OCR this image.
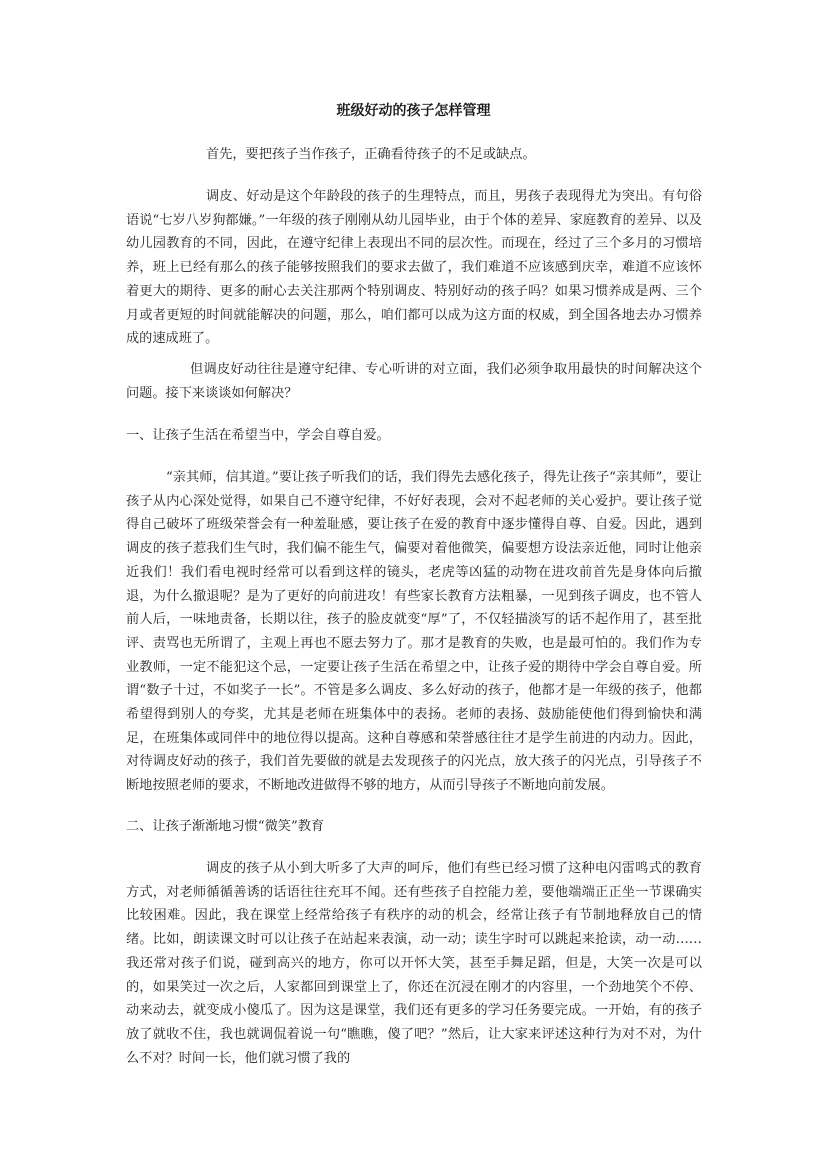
班级好动的孩子怎样管理

首先，要把孩子当作孩子，正确看待孩子的不足或缺点。

调皮、好动是这个年龄段的孩子的生理特点，而且，男孩子表现得尤为突出。有句俗语说“七岁八岁狗都嫌。”一年级的孩子刚刚从幼儿园毕业，由于个体的差异、家庭教育的差异、以及幼儿园教育的不同，因此，在遵守纪律上表现出不同的层次性。而现在，经过了三个多月的习惯培养，班上已经有那么的孩子能够按照我们的要求去做了，我们难道不应该感到庆幸，难道不应该怀着更大的期待、更多的耐心去关注那两个特别调皮、特别好动的孩子吗？如果习惯养成是两、三个月或者更短的时间就能解决的问题，那么，咱们都可以成为这方面的权威，到全国各地去办习惯养成的速成班了。

但调皮好动往往是遵守纪律、专心听讲的对立面，我们必须争取用最快的时间解决这个问题。接下来谈谈如何解决？

一、让孩子生活在希望当中，学会自尊自爱。

“亲其师，信其道。”要让孩子听我们的话，我们得先去感化孩子，得先让孩子“亲其师”，要让孩子从内心深处觉得，如果自己不遵守纪律，不好好表现，会对不起老师的关心爱护。要让孩子觉得自己破坏了班级荣誉会有一种羞耻感，要让孩子在爱的教育中逐步懂得自尊、自爱。因此，遇到调皮的孩子惹我们生气时，我们偏不能生气，偏要对着他微笑，偏要想方设法亲近他，同时让他亲近我们！我们看电视时经常可以看到这样的镜头，老虎等凶猛的动物在进攻前首先是身体向后撤退，为什么撤退呢？是为了更好的向前进攻！有些家长教育方法粗暴，一见到孩子调皮，也不管人前人后，一味地责备，长期以往，孩子的脸皮就变“厚”了，不仅轻描淡写的话不起作用了，甚至批评、责骂也无所谓了，主观上再也不愿去努力了。那才是教育的失败，也是最可怕的。我们作为专业教师，一定不能犯这个忌，一定要让孩子生活在希望之中，让孩子爱的期待中学会自尊自爱。所谓“数子十过，不如奖子一长”。不管是多么调皮、多么好动的孩子，他都才是一年级的孩子，他都希望得到别人的夸奖，尤其是老师在班集体中的表扬。老师的表扬、鼓励能使他们得到愉快和满足，在班集体或同伴中的地位得以提高。这种自尊感和荣誉感往往才是学生前进的内动力。因此，对待调皮好动的孩子，我们首先要做的就是去发现孩子的闪光点，放大孩子的闪光点，引导孩子不断地按照老师的要求，不断地改进做得不够的地方，从而引导孩子不断地向前发展。

二、让孩子渐渐地习惯“微笑”教育

调皮的孩子从小到大听多了大声的呵斥，他们有些已经习惯了这种电闪雷鸣式的教育方式，对老师循循善诱的话语往往充耳不闻。还有些孩子自控能力差，要他端端正正坐一节课确实比较困难。因此，我在课堂上经常给孩子有秩序的动的机会，经常让孩子有节制地释放自己的情绪。比如，朗读课文时可以让孩子在站起来表演，动一动；读生字时可以跳起来抢读，动一动……我还常对孩子们说，碰到高兴的地方，你可以开怀大笑，甚至手舞足蹈，但是，大笑一次是可以的，如果笑过一次之后，人家都回到课堂上了，你还在沉浸在刚才的内容里，一个劲地笑个不停、动来动去，就变成小傻瓜了。因为这是课堂，我们还有更多的学习任务要完成。一开始，有的孩子放了就收不住，我也就调侃着说一句“瞧瞧，傻了吧？”然后，让大家来评述这种行为对不对，为什么不对？时间一长，他们就习惯了我的
